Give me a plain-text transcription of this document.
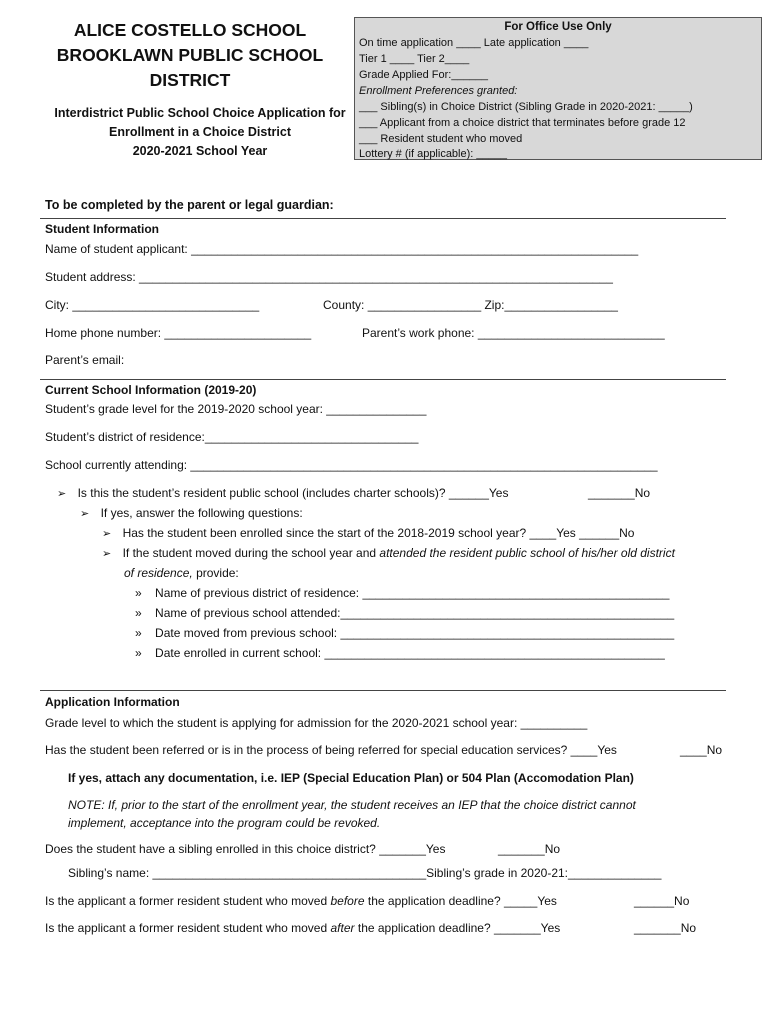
ALICE COSTELLO SCHOOL
BROOKLAWN PUBLIC SCHOOL
DISTRICT
Interdistrict Public School Choice Application for
Enrollment in a Choice District
2020-2021 School Year
For Office Use Only
On time application ____ Late application ____
Tier 1 ____ Tier 2____
Grade Applied For:______
Enrollment Preferences granted:
___ Sibling(s) in Choice District (Sibling Grade in 2020-2021: _____)
___ Applicant from a choice district that terminates before grade 12
___ Resident student who moved
Lottery # (if applicable): _____
To be completed by the parent or legal guardian:
Student Information
Name of student applicant: ___________________________________________________________________
Student address: _______________________________________________________________________
City: ____________________________	County: _________________ Zip:_________________
Home phone number: ______________________	Parent’s work phone: ____________________________
Parent’s email:
Current School Information (2019-20)
Student’s grade level for the 2019-2020 school year: _______________
Student’s district of residence:________________________________
School currently attending: ______________________________________________________________________
➢ Is this the student’s resident public school (includes charter schools)? ______Yes	_______No
➢ If yes, answer the following questions:
➢ Has the student been enrolled since the start of the 2018-2019 school year? ____Yes ______No
➢ If the student moved during the school year and attended the resident public school of his/her old district
of residence, provide:
» Name of previous district of residence: ______________________________________________
» Name of previous school attended:__________________________________________________
» Date moved from previous school: __________________________________________________
» Date enrolled in current school: ___________________________________________________
Application Information
Grade level to which the student is applying for admission for the 2020-2021 school year: __________
Has the student been referred or is in the process of being referred for special education services? ____Yes	____No
If yes, attach any documentation, i.e. IEP (Special Education Plan) or 504 Plan (Accomodation Plan)
NOTE: If, prior to the start of the enrollment year, the student receives an IEP that the choice district cannot
implement, acceptance into the program could be revoked.
Does the student have a sibling enrolled in this choice district? _______Yes	_______No
Sibling’s name: _________________________________________Sibling’s grade in 2020-21:______________
Is the applicant a former resident student who moved before the application deadline? _____Yes	______No
Is the applicant a former resident student who moved after the application deadline? _______Yes	_______No
